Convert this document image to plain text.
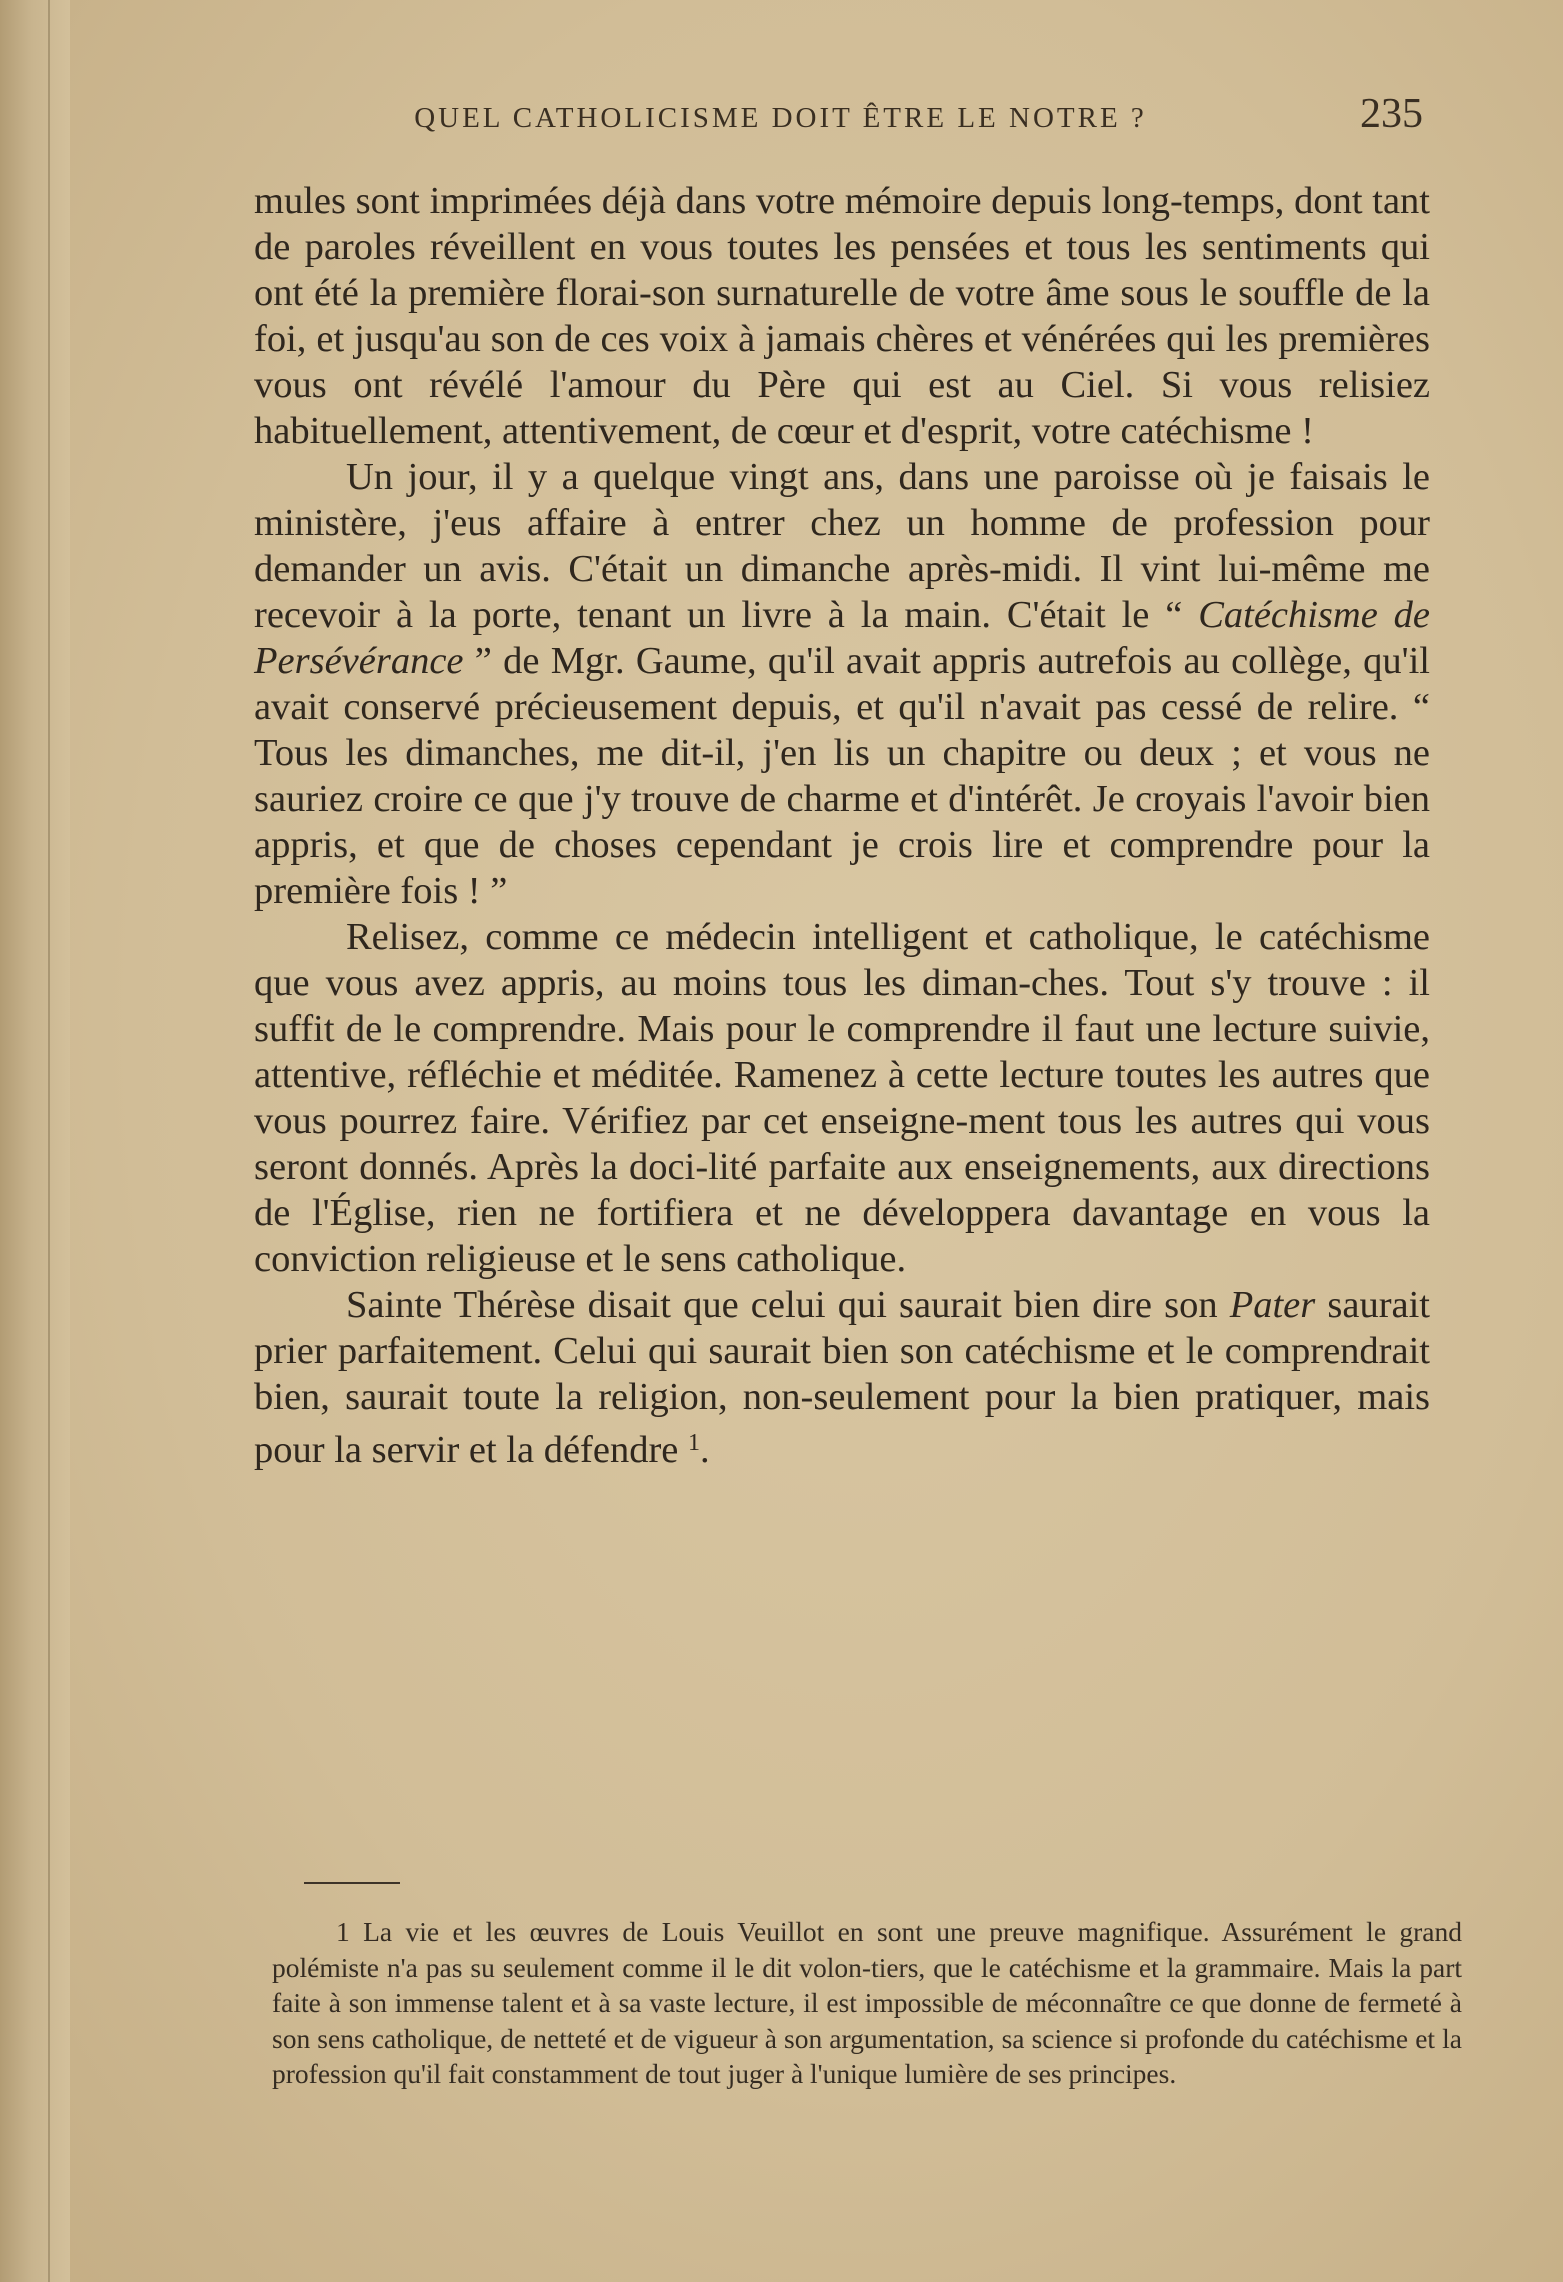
QUEL CATHOLICISME DOIT ÊTRE LE NOTRE ?	235

mules sont imprimées déjà dans votre mémoire depuis long-temps, dont tant de paroles réveillent en vous toutes les pensées et tous les sentiments qui ont été la première florai-son surnaturelle de votre âme sous le souffle de la foi, et jusqu'au son de ces voix à jamais chères et vénérées qui les premières vous ont révélé l'amour du Père qui est au Ciel. Si vous relisiez habituellement, attentivement, de cœur et d'esprit, votre catéchisme !

Un jour, il y a quelque vingt ans, dans une paroisse où je faisais le ministère, j'eus affaire à entrer chez un homme de profession pour demander un avis. C'était un dimanche après-midi. Il vint lui-même me recevoir à la porte, tenant un livre à la main. C'était le “ Catéchisme de Persévérance ” de Mgr. Gaume, qu'il avait appris autrefois au collège, qu'il avait conservé précieusement depuis, et qu'il n'avait pas cessé de relire. “ Tous les dimanches, me dit-il, j'en lis un chapitre ou deux ; et vous ne sauriez croire ce que j'y trouve de charme et d'intérêt. Je croyais l'avoir bien appris, et que de choses cependant je crois lire et comprendre pour la première fois ! ”

Relisez, comme ce médecin intelligent et catholique, le catéchisme que vous avez appris, au moins tous les diman-ches. Tout s'y trouve : il suffit de le comprendre. Mais pour le comprendre il faut une lecture suivie, attentive, réfléchie et méditée. Ramenez à cette lecture toutes les autres que vous pourrez faire. Vérifiez par cet enseigne-ment tous les autres qui vous seront donnés. Après la doci-lité parfaite aux enseignements, aux directions de l'Église, rien ne fortifiera et ne développera davantage en vous la conviction religieuse et le sens catholique.

Sainte Thérèse disait que celui qui saurait bien dire son Pater saurait prier parfaitement. Celui qui saurait bien son catéchisme et le comprendrait bien, saurait toute la religion, non-seulement pour la bien pratiquer, mais pour la servir et la défendre $^1$.

1 La vie et les œuvres de Louis Veuillot en sont une preuve magnifique. Assurément le grand polémiste n'a pas su seulement comme il le dit volon-tiers, que le catéchisme et la grammaire. Mais la part faite à son immense talent et à sa vaste lecture, il est impossible de méconnaître ce que donne de fermeté à son sens catholique, de netteté et de vigueur à son argumentation, sa science si profonde du catéchisme et la profession qu'il fait constamment de tout juger à l'unique lumière de ses principes.
